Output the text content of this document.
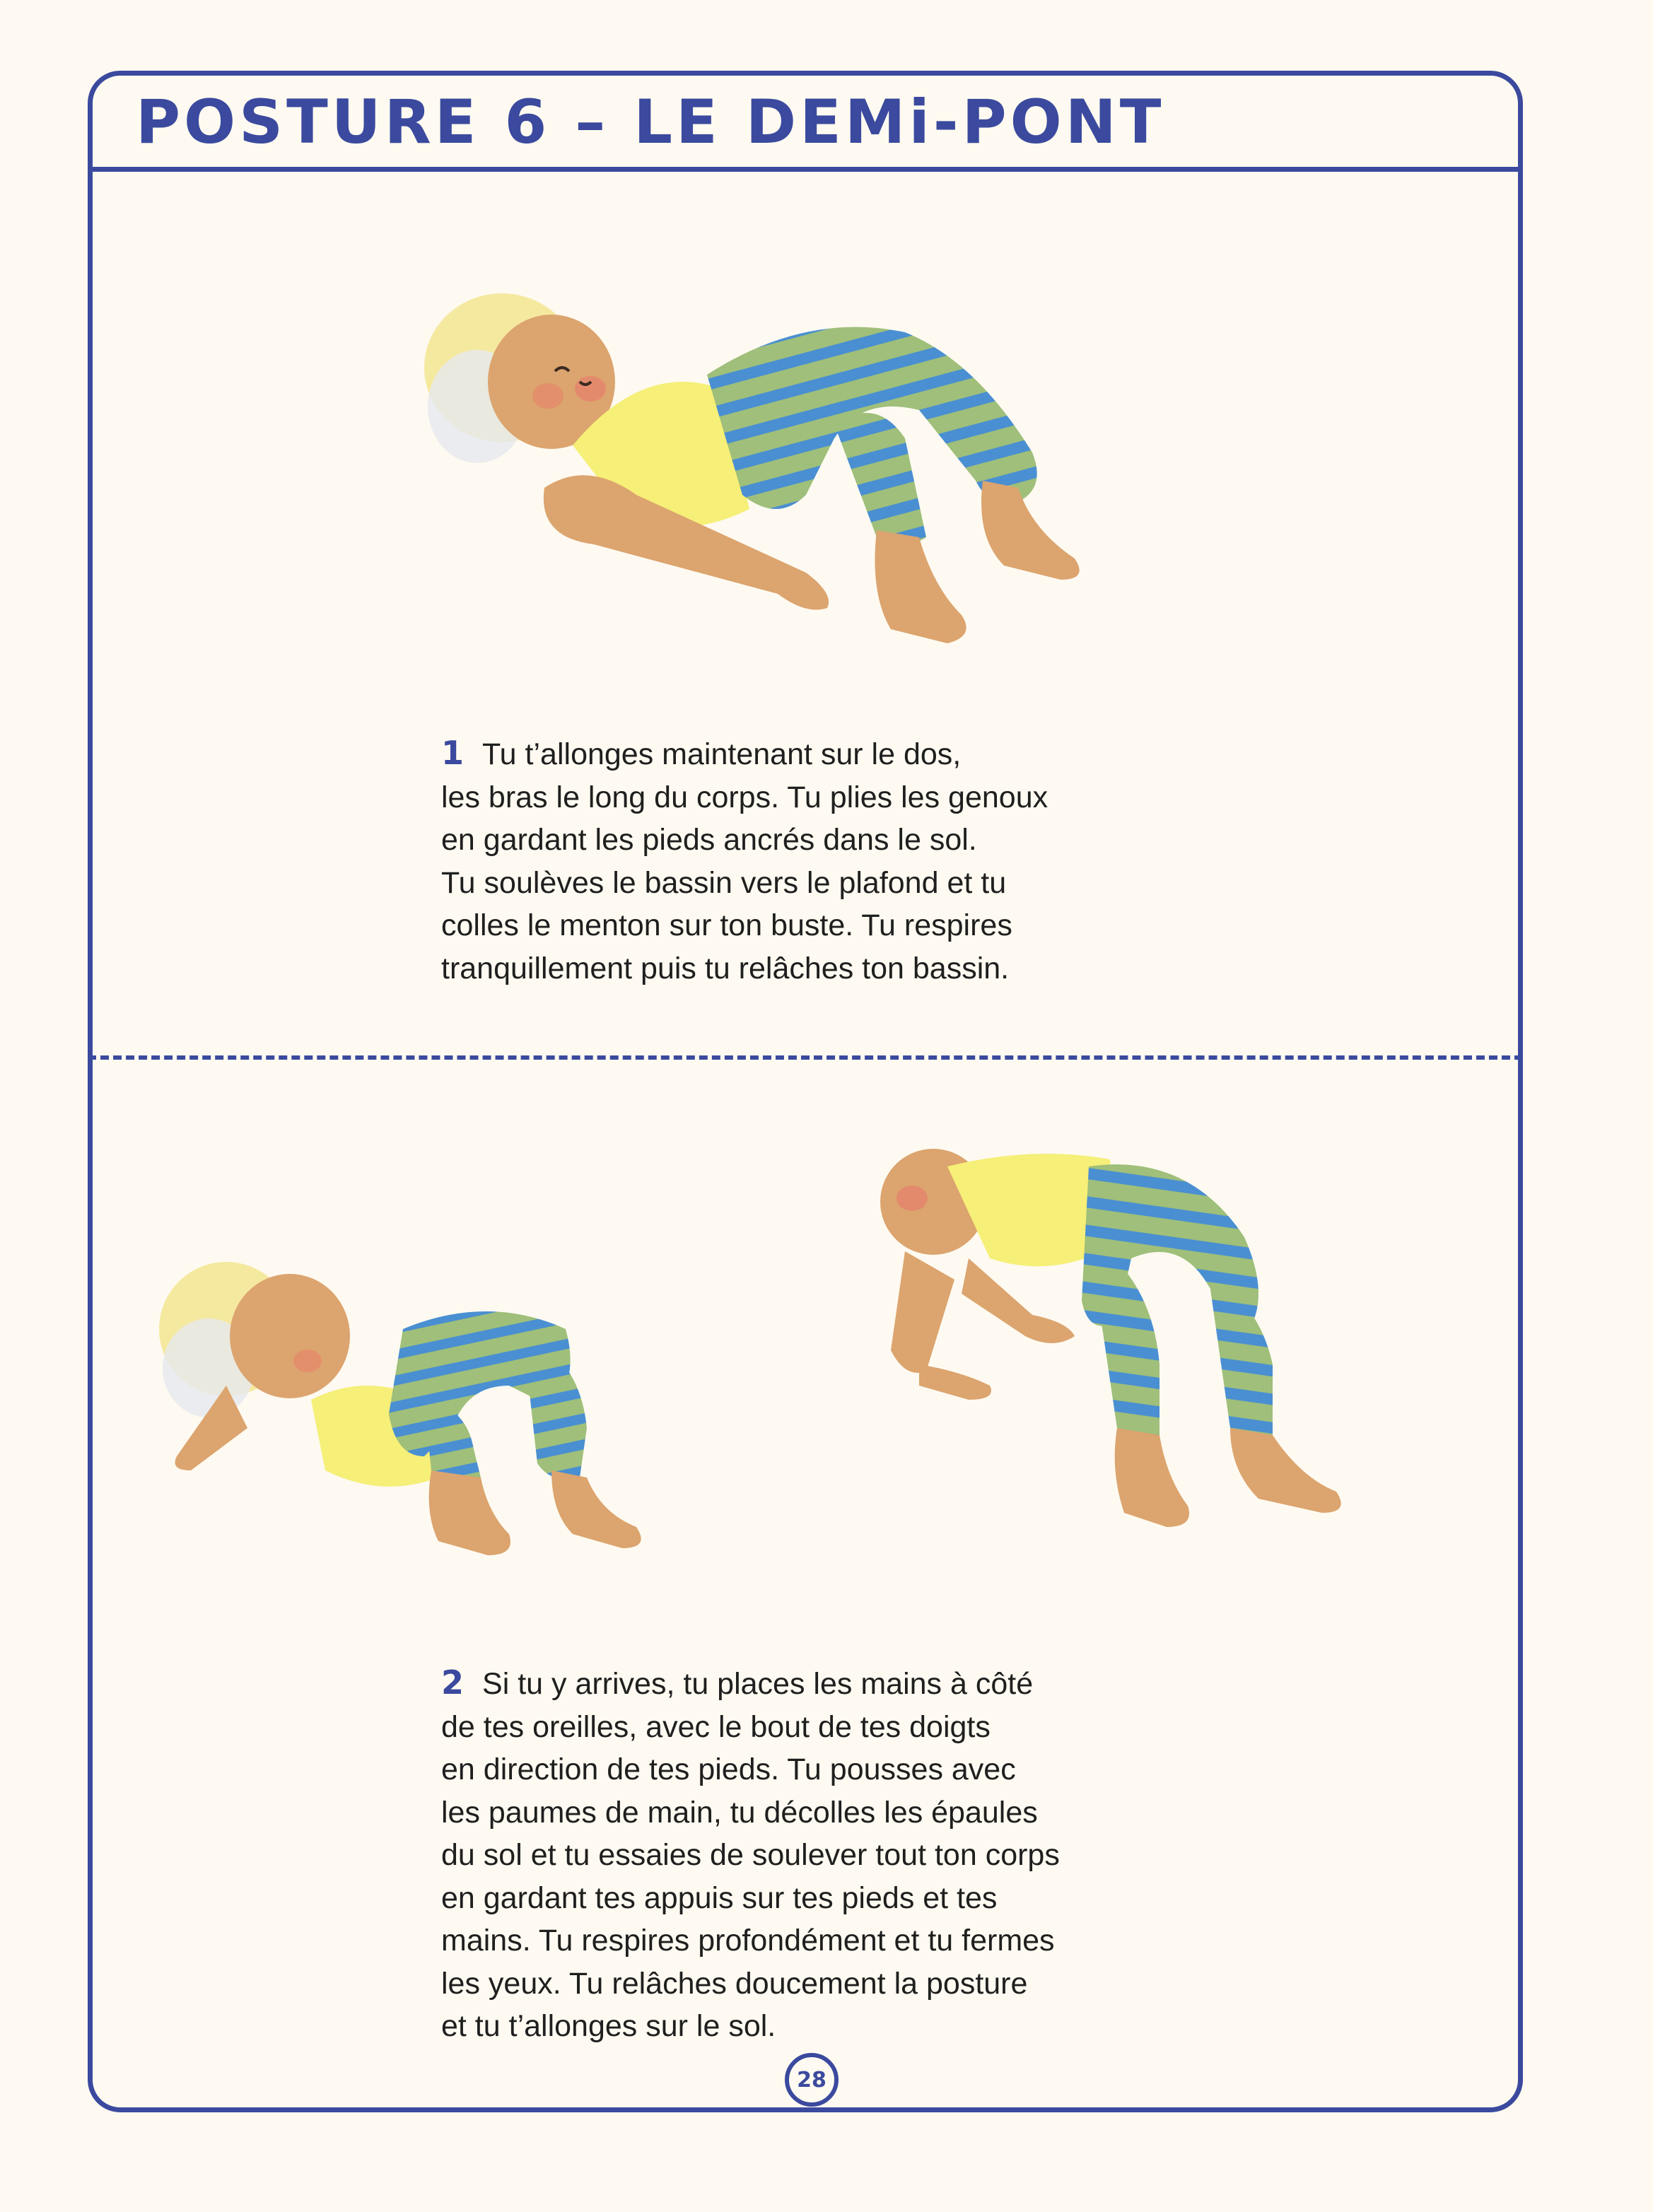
POSTURE 6 – LE DEMi-PONT

1 Tu t’allonges maintenant sur le dos,
les bras le long du corps. Tu plies les genoux
en gardant les pieds ancrés dans le sol.
Tu soulèves le bassin vers le plafond et tu
colles le menton sur ton buste. Tu respires
tranquillement puis tu relâches ton bassin.

2 Si tu y arrives, tu places les mains à côté
de tes oreilles, avec le bout de tes doigts
en direction de tes pieds. Tu pousses avec
les paumes de main, tu décolles les épaules
du sol et tu essaies de soulever tout ton corps
en gardant tes appuis sur tes pieds et tes
mains. Tu respires profondément et tu fermes
les yeux. Tu relâches doucement la posture
et tu t’allonges sur le sol.

28
